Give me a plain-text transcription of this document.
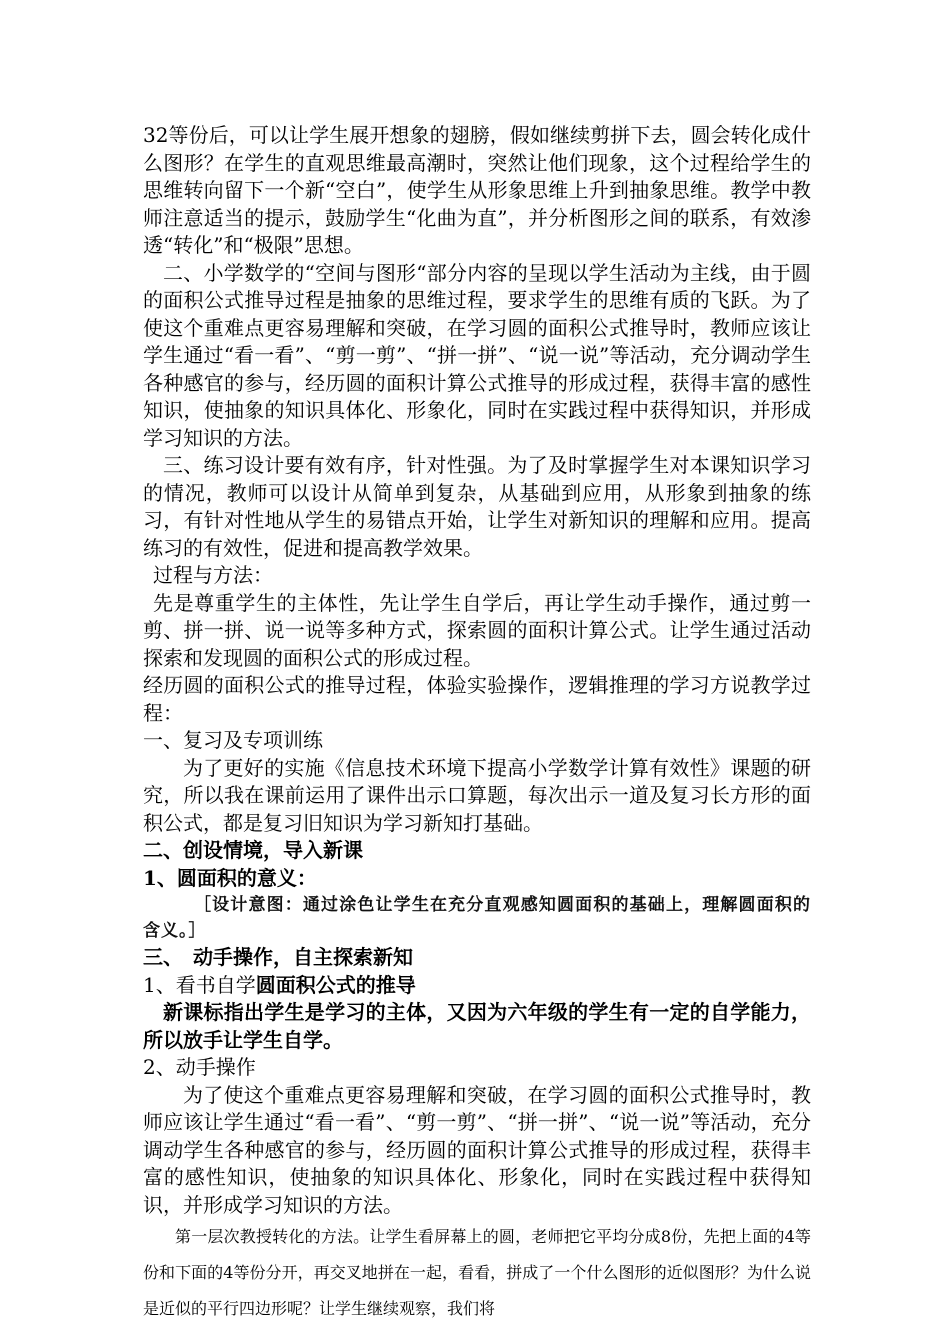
32等份后，可以让学生展开想象的翅膀，假如继续剪拼下去，圆会转化成什么图形？在学生的直观思维最高潮时，突然让他们现象，这个过程给学生的思维转向留下一个新“空白”，使学生从形象思维上升到抽象思维。教学中教师注意适当的提示，鼓励学生“化曲为直”，并分析图形之间的联系，有效渗透“转化”和“极限”思想。

二、小学数学的“空间与图形“部分内容的呈现以学生活动为主线，由于圆的面积公式推导过程是抽象的思维过程，要求学生的思维有质的飞跃。为了使这个重难点更容易理解和突破，在学习圆的面积公式推导时，教师应该让学生通过“看一看”、“剪一剪”、“拼一拼”、“说一说”等活动，充分调动学生各种感官的参与，经历圆的面积计算公式推导的形成过程，获得丰富的感性知识，使抽象的知识具体化、形象化，同时在实践过程中获得知识，并形成学习知识的方法。

三、练习设计要有效有序，针对性强。为了及时掌握学生对本课知识学习的情况，教师可以设计从简单到复杂，从基础到应用，从形象到抽象的练习，有针对性地从学生的易错点开始，让学生对新知识的理解和应用。提高练习的有效性，促进和提高教学效果。

过程与方法：

先是尊重学生的主体性，先让学生自学后，再让学生动手操作，通过剪一剪、拼一拼、说一说等多种方式，探索圆的面积计算公式。让学生通过活动探索和发现圆的面积公式的形成过程。

经历圆的面积公式的推导过程，体验实验操作，逻辑推理的学习方说教学过程：

一、复习及专项训练

为了更好的实施《信息技术环境下提高小学数学计算有效性》课题的研究，所以我在课前运用了课件出示口算题，每次出示一道及复习长方形的面积公式，都是复习旧知识为学习新知打基础。

二、创设情境，导入新课

1、圆面积的意义：

［设计意图：通过涂色让学生在充分直观感知圆面积的基础上，理解圆面积的含义。］

三、　动手操作，自主探索新知

1、看书自学圆面积公式的推导

新课标指出学生是学习的主体，又因为六年级的学生有一定的自学能力，所以放手让学生自学。

2、动手操作

为了使这个重难点更容易理解和突破，在学习圆的面积公式推导时，教师应该让学生通过“看一看”、“剪一剪”、“拼一拼”、“说一说”等活动，充分调动学生各种感官的参与，经历圆的面积计算公式推导的形成过程，获得丰富的感性知识，使抽象的知识具体化、形象化，同时在实践过程中获得知识，并形成学习知识的方法。

第一层次教授转化的方法。让学生看屏幕上的圆，老师把它平均分成8份，先把上面的4等份和下面的4等份分开，再交叉地拼在一起，看看，拼成了一个什么图形的近似图形？为什么说是近似的平行四边形呢？让学生继续观察，我们将
